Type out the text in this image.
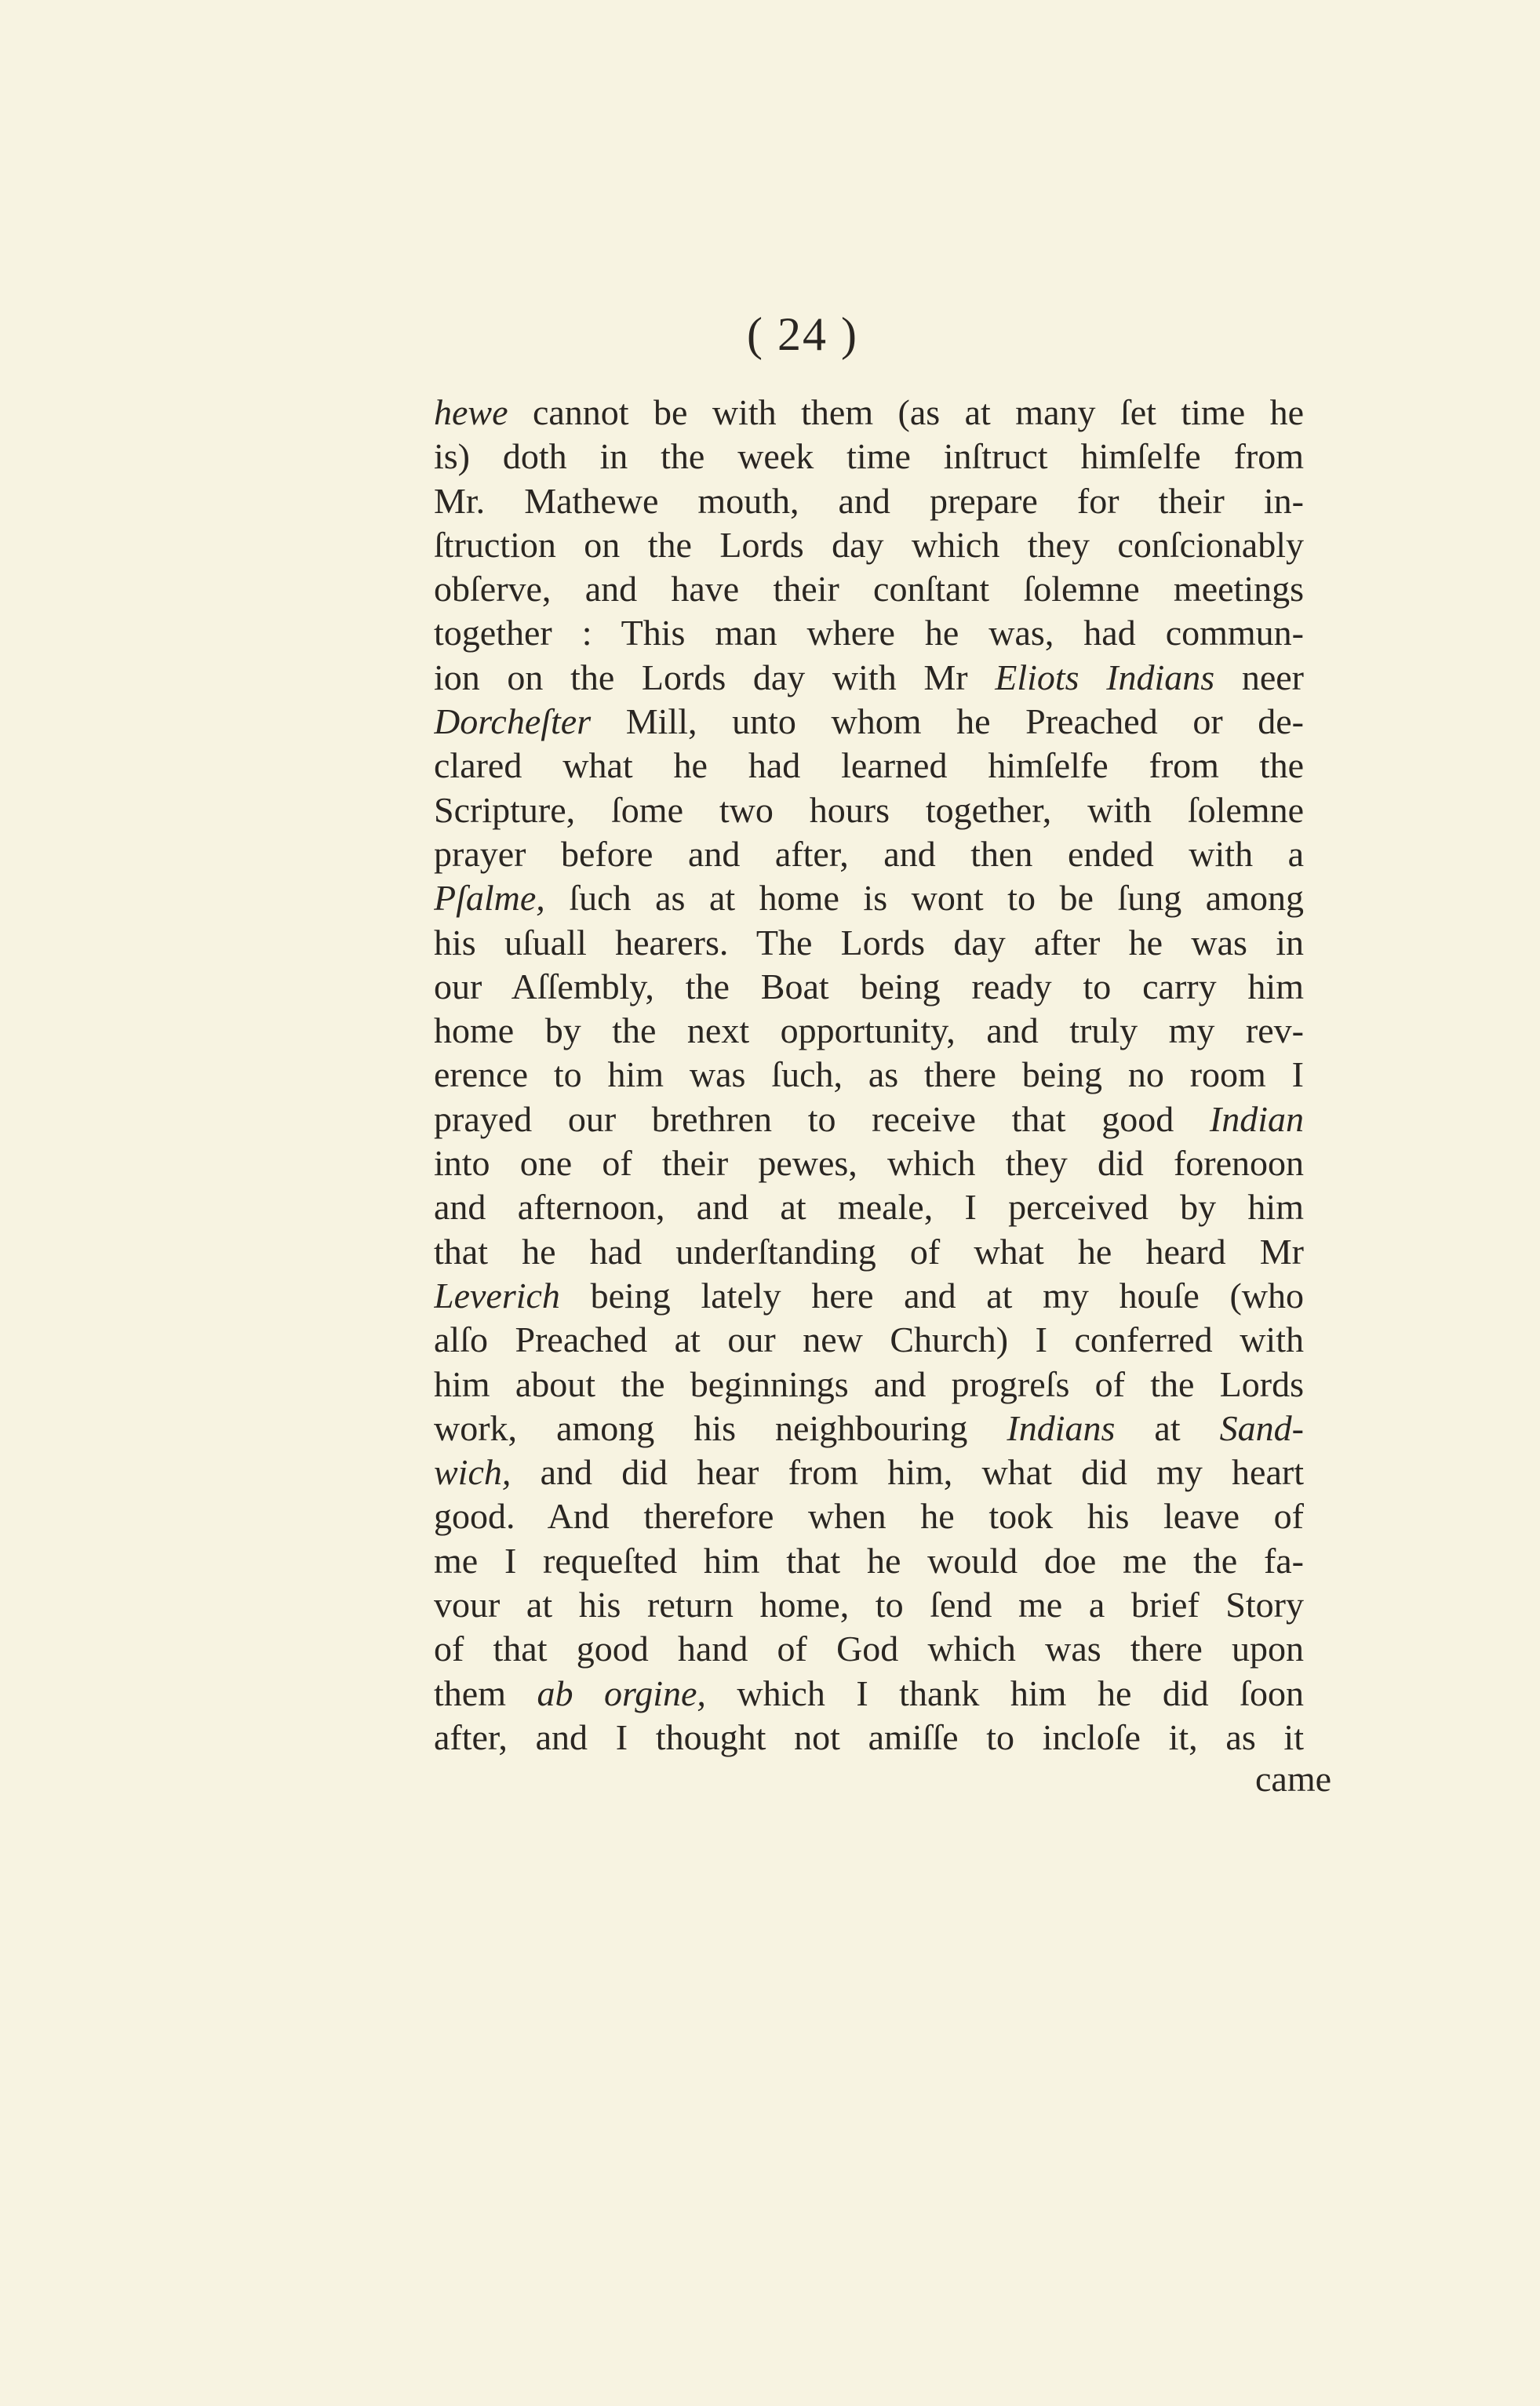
( 24 )
hewe cannot be with them (as at many ſet time he
is) doth in the week time inſtruct himſelfe from
Mr. Mathewe mouth, and prepare for their in-
ſtruction on the Lords day which they conſcionably
obſerve, and have their conſtant ſolemne meetings
together : This man where he was, had commun-
ion on the Lords day with Mr Eliots Indians neer
Dorcheſter Mill, unto whom he Preached or de-
clared what he had learned himſelfe from the
Scripture, ſome two hours together, with ſolemne
prayer before and after, and then ended with a
Pſalme, ſuch as at home is wont to be ſung among
his uſuall hearers. The Lords day after he was in
our Aſſembly, the Boat being ready to carry him
home by the next opportunity, and truly my rev-
erence to him was ſuch, as there being no room I
prayed our brethren to receive that good Indian
into one of their pewes, which they did forenoon
and afternoon, and at meale, I perceived by him
that he had underſtanding of what he heard Mr
Leverich being lately here and at my houſe (who
alſo Preached at our new Church) I conferred with
him about the beginnings and progreſs of the Lords
work, among his neighbouring Indians at Sand-
wich, and did hear from him, what did my heart
good. And therefore when he took his leave of
me I requeſted him that he would doe me the fa-
vour at his return home, to ſend me a brief Story
of that good hand of God which was there upon
them ab orgine, which I thank him he did ſoon
after, and I thought not amiſſe to incloſe it, as it
came
